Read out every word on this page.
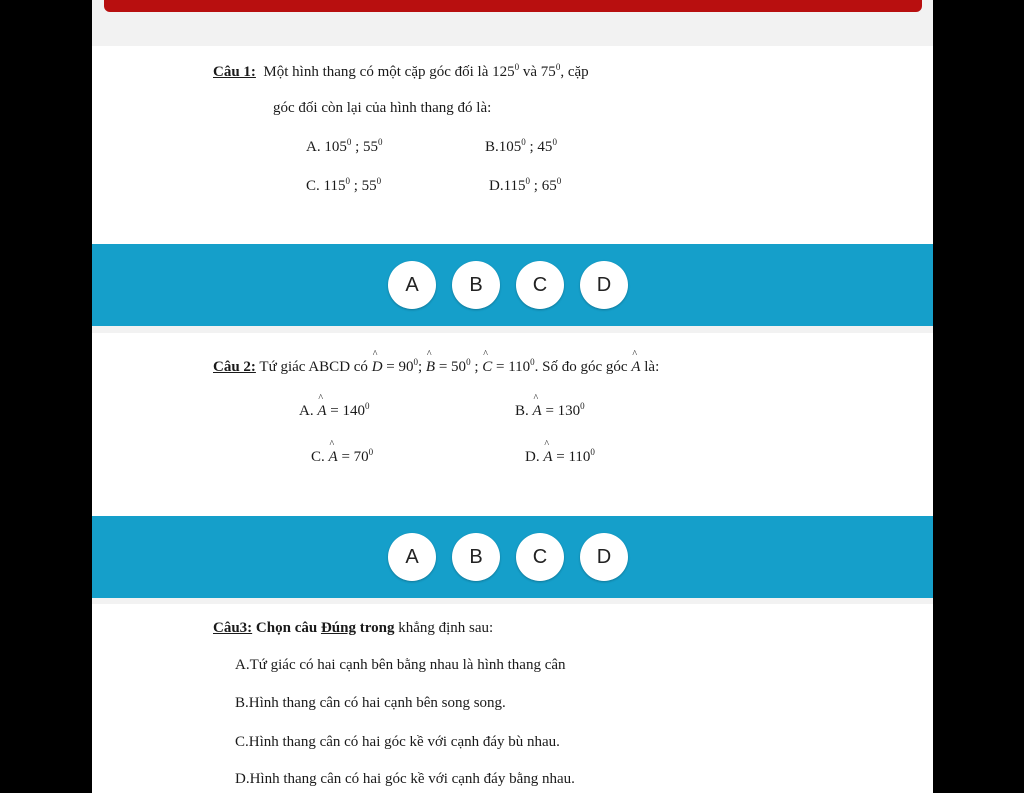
Câu 1: Một hình thang có một cặp góc đối là $125^0$ và $75^0$, cặp
góc đối còn lại của hình thang đó là:
A. $105^0$ ; $55^0$	B.105$^0$ ; $45^0$
C. $115^0$ ; $55^0$	D.115$^0$ ; $65^0$
A	B	C	D
Câu 2: Tứ giác ABCD có ^ $D = 90^0$; ^ $B = 50^0$ ; ^ $C = 110^0$. Số đo góc góc ^ A là:
A. ^ $A = 140^0$	B. ^ $A = 130^0$
C. ^ $A = 70^0$	D. ^ $A = 110^0$
A	B	C	D
Câu3: Chọn câu Đúng trong khẳng định sau:
A.Tứ giác có hai cạnh bên bằng nhau là hình thang cân
B.Hình thang cân có hai cạnh bên song song.
C.Hình thang cân có hai góc kề với cạnh đáy bù nhau.
D.Hình thang cân có hai góc kề với cạnh đáy bằng nhau.
